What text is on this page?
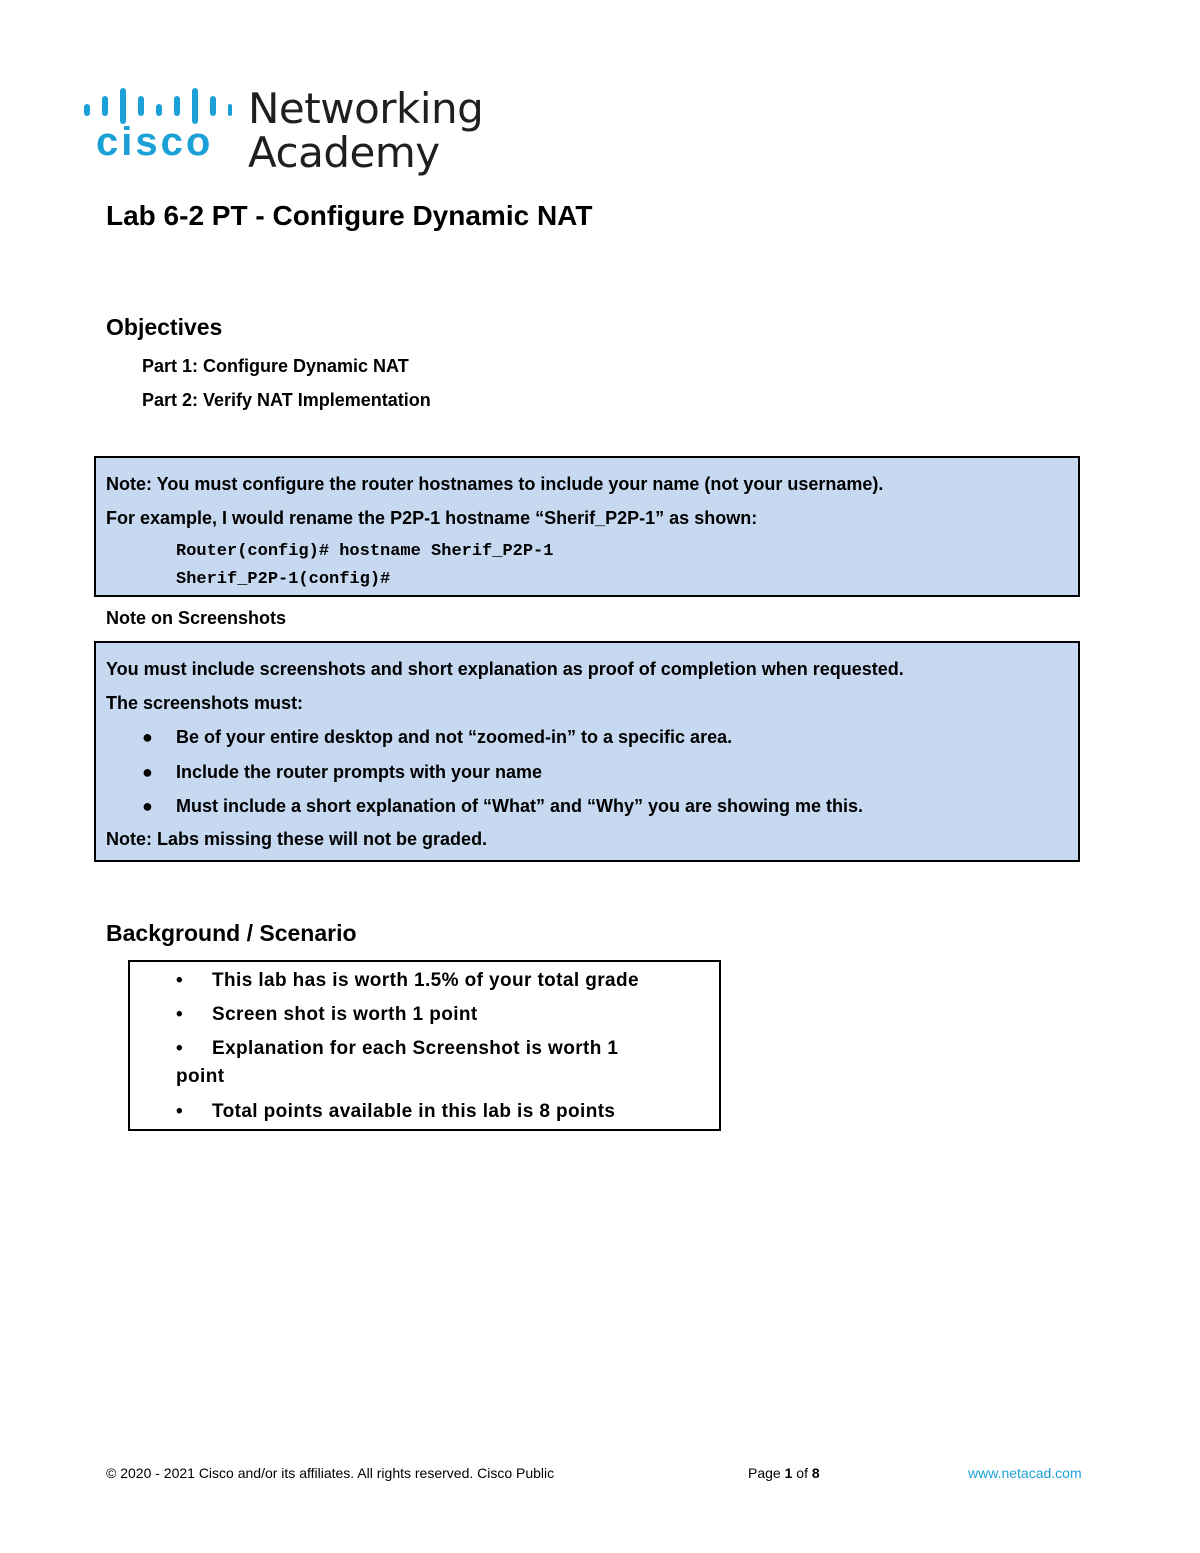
cisco
Networking
Academy
Lab 6-2 PT - Configure Dynamic NAT
Objectives
Part 1: Configure Dynamic NAT
Part 2: Verify NAT Implementation
Note: You must configure the router hostnames to include your name (not your username).
For example, I would rename the P2P-1 hostname “Sherif_P2P-1” as shown:
Router(config)# hostname Sherif_P2P-1
Sherif_P2P-1(config)#
Note on Screenshots
You must include screenshots and short explanation as proof of completion when requested.
The screenshots must:
● Be of your entire desktop and not “zoomed-in” to a specific area.
● Include the router prompts with your name
● Must include a short explanation of “What” and “Why” you are showing me this.
Note: Labs missing these will not be graded.
Background / Scenario
• This lab has is worth 1.5% of your total grade
• Screen shot is worth 1 point
• Explanation for each Screenshot is worth 1
point
• Total points available in this lab is 8 points
© 2020 - 2021 Cisco and/or its affiliates. All rights reserved. Cisco Public	Page 1 of 8	www.netacad.com
